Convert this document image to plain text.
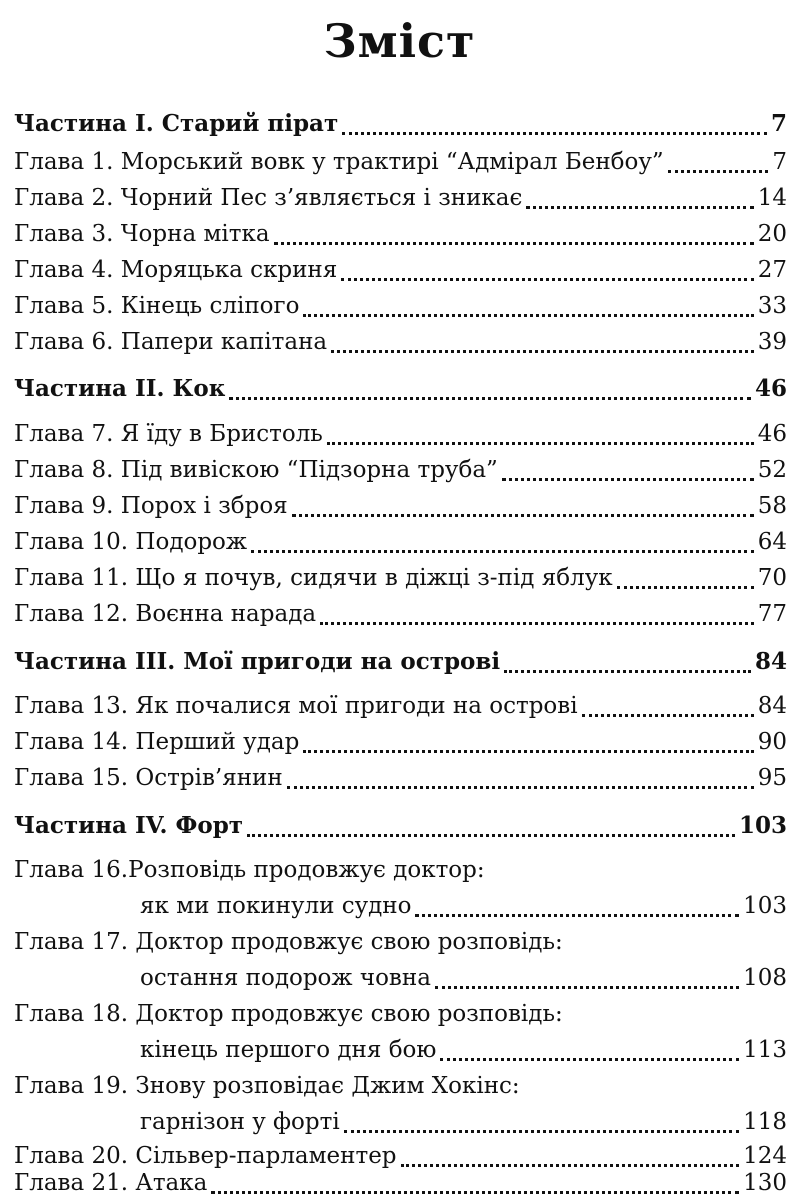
Зміст
Частина I. Старий пірат	7
Глава 1. Морський вовк у трактирі “Адмірал Бенбоу”	7
Глава 2. Чорний Пес з’являється і зникає	14
Глава 3. Чорна мітка	20
Глава 4. Моряцька скриня	27
Глава 5. Кінець сліпого	33
Глава 6. Папери капітана	39
Частина II. Кок	46
Глава 7. Я їду в Бристоль	46
Глава 8. Під вивіскою “Підзорна труба”	52
Глава 9. Порох і зброя	58
Глава 10. Подорож	64
Глава 11. Що я почув, сидячи в діжці з-під яблук	70
Глава 12. Воєнна нарада	77
Частина III. Мої пригоди на острові	84
Глава 13. Як почалися мої пригоди на острові	84
Глава 14. Перший удар	90
Глава 15. Острів’янин	95
Частина IV. Форт	103
Глава 16.Розповідь продовжує доктор:
як ми покинули судно	103
Глава 17. Доктор продовжує свою розповідь:
остання подорож човна	108
Глава 18. Доктор продовжує свою розповідь:
кінець першого дня бою	113
Глава 19. Знову розповідає Джим Хокінс:
гарнізон у форті	118
Глава 20. Сільвер-парламентер	124
Глава 21. Атака	130
